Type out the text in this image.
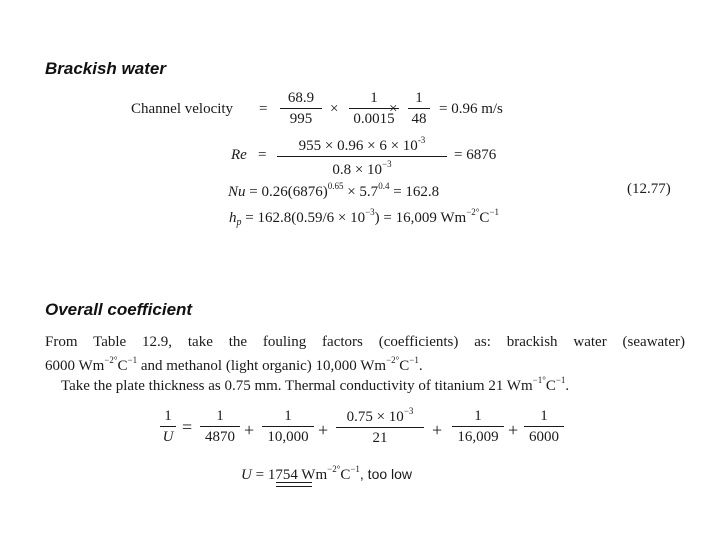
Brackish water
Channel velocity =
68.9
995
×
1
0.0015
×
1
48
= 0.96 m/s
Re =
$955 \times 0.96 \times 6 \times 10^{-3}$
$0.8 \times 10^{-3}$
= 6876
$Nu = 0.26(6876)^{0.65} \times 5.7^{0.4} = 162.8$	(12.77)
$h_p = 162.8(0.59/6 \times 10^{-3}) = 16,009$ $Wm^{-2^\circ}C^{-1}$
Overall coefficient
From Table 12.9, take the fouling factors (coefficients) as: brackish water (seawater)
6000 $Wm^{-2^\circ}C^{-1}$ and methanol (light organic) 10,000 $Wm^{-2^\circ}C^{-1}$.
Take the plate thickness as 0.75 mm. Thermal conductivity of titanium 21 $Wm^{-1^\circ}C^{-1}$.
1
U =
1
4870 +
1
10,000 +
$0.75 \times 10^{-3}$
21	+
1
16,009 +
1
6000
U = 1754 $Wm^{-2^\circ}C^{-1}$, too low
